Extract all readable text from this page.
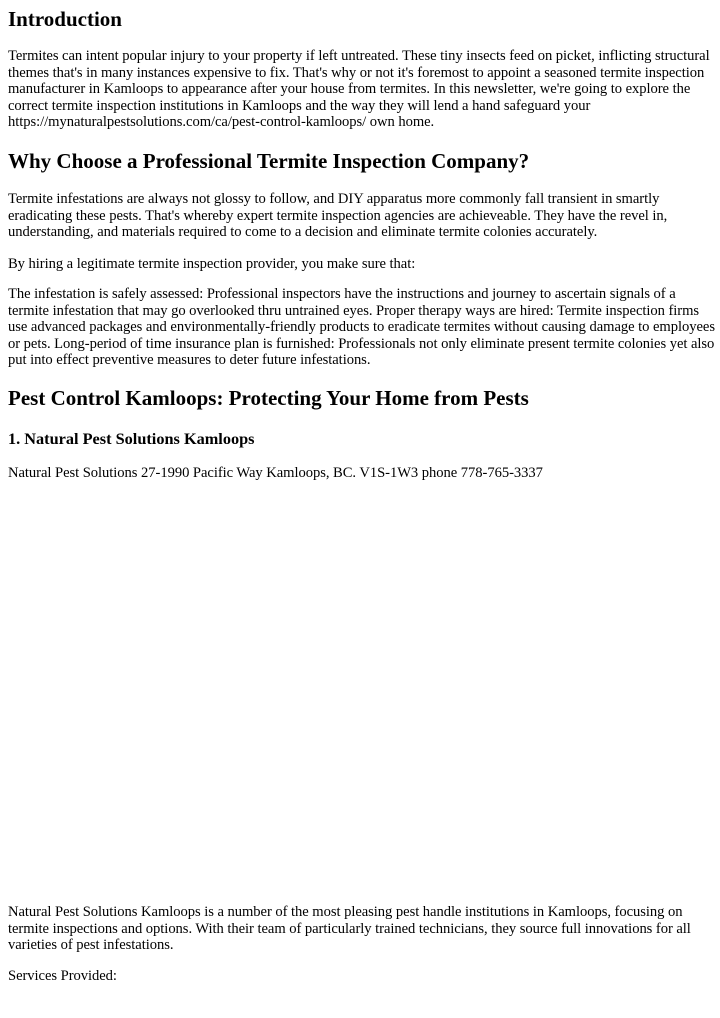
Introduction

Termites can intent popular injury to your property if left untreated. These tiny insects feed on picket, inflicting structural themes that's in many instances expensive to fix. That's why or not it's foremost to appoint a seasoned termite inspection manufacturer in Kamloops to appearance after your house from termites. In this newsletter, we're going to explore the correct termite inspection institutions in Kamloops and the way they will lend a hand safeguard your https://mynaturalpestsolutions.com/ca/pest-control-kamloops/ own home.

Why Choose a Professional Termite Inspection Company?

Termite infestations are always not glossy to follow, and DIY apparatus more commonly fall transient in smartly eradicating these pests. That's whereby expert termite inspection agencies are achieveable. They have the revel in, understanding, and materials required to come to a decision and eliminate termite colonies accurately.

By hiring a legitimate termite inspection provider, you make sure that:

The infestation is safely assessed: Professional inspectors have the instructions and journey to ascertain signals of a termite infestation that may go overlooked thru untrained eyes. Proper therapy ways are hired: Termite inspection firms use advanced packages and environmentally-friendly products to eradicate termites without causing damage to employees or pets. Long-period of time insurance plan is furnished: Professionals not only eliminate present termite colonies yet also put into effect preventive measures to deter future infestations.

Pest Control Kamloops: Protecting Your Home from Pests
1. Natural Pest Solutions Kamloops

Natural Pest Solutions 27-1990 Pacific Way Kamloops, BC. V1S-1W3 phone 778-765-3337

Natural Pest Solutions Kamloops is a number of the most pleasing pest handle institutions in Kamloops, focusing on termite inspections and options. With their team of particularly trained technicians, they source full innovations for all varieties of pest infestations.

Services Provided:
